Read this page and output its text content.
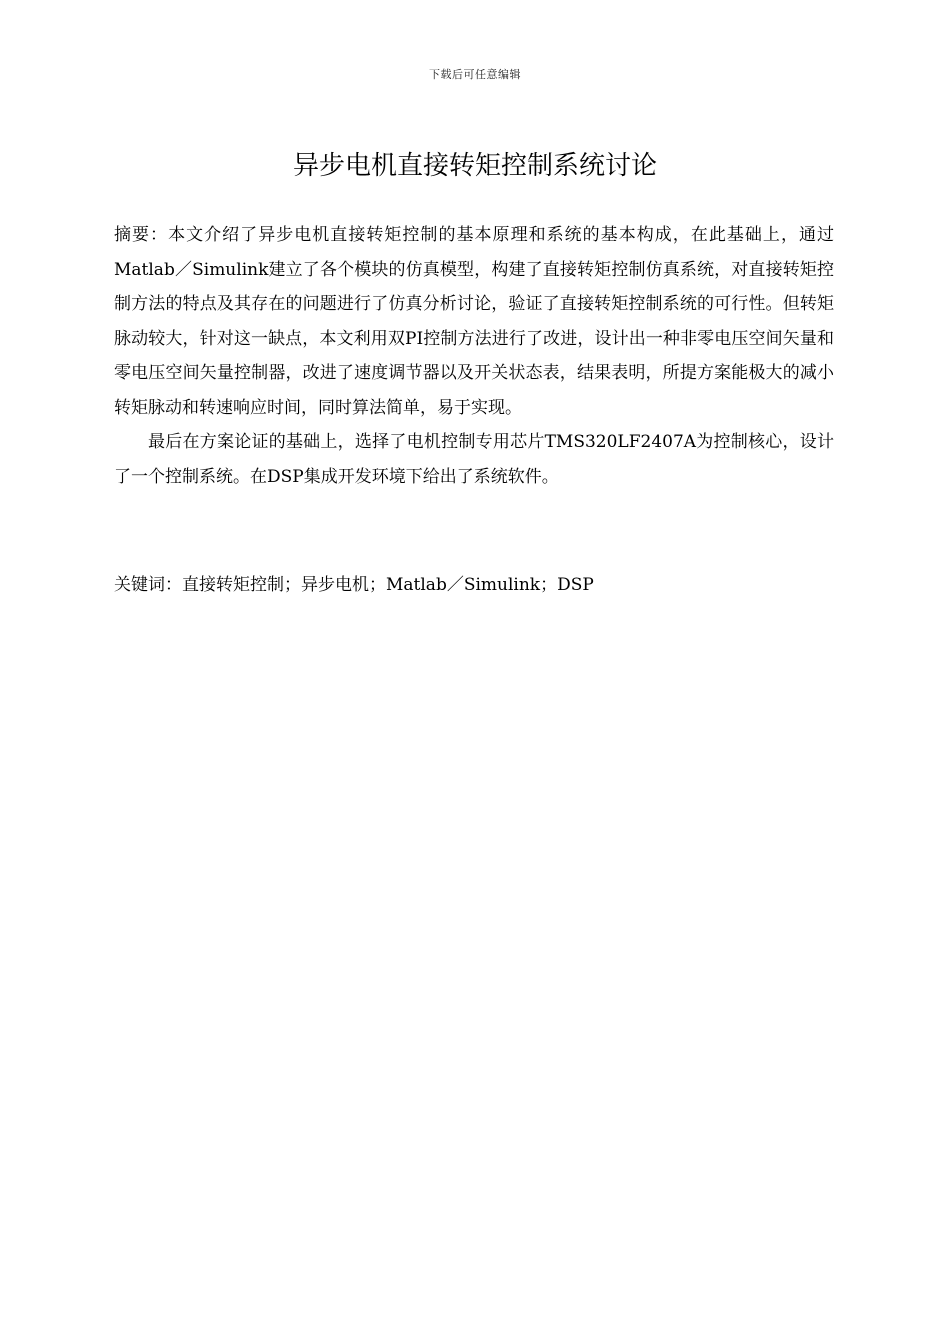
下载后可任意编辑
异步电机直接转矩控制系统讨论

摘要：本文介绍了异步电机直接转矩控制的基本原理和系统的基本构成，在此基础上，通过Matlab／Simulink建立了各个模块的仿真模型，构建了直接转矩控制仿真系统，对直接转矩控制方法的特点及其存在的问题进行了仿真分析讨论，验证了直接转矩控制系统的可行性。但转矩脉动较大，针对这一缺点，本文利用双PI控制方法进行了改进，设计出一种非零电压空间矢量和零电压空间矢量控制器，改进了速度调节器以及开关状态表，结果表明，所提方案能极大的减小转矩脉动和转速响应时间，同时算法简单，易于实现。

最后在方案论证的基础上，选择了电机控制专用芯片TMS320LF2407A为控制核心，设计了一个控制系统。在DSP集成开发环境下给出了系统软件。

关键词：直接转矩控制；异步电机；Matlab／Simulink；DSP
